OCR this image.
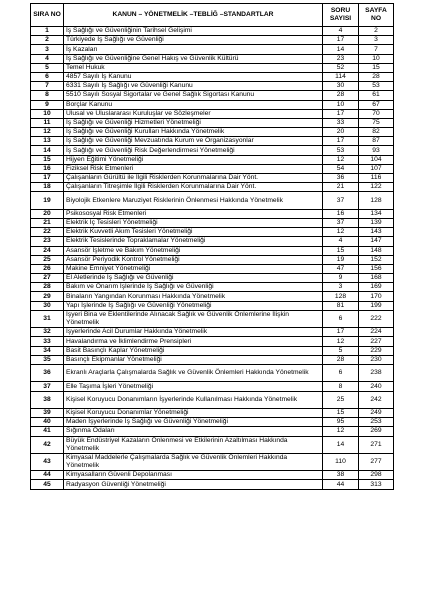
SIRA NO	KANUN – YÖNETMELİK –TEBLİĞ –STANDARTLAR	SORU SAYISI	SAYFA NO
1	İş Sağlığı ve Güvenliğinin Tarihsel Gelişimi	4	2
2	Türkiyede İş Sağlığı ve Güvenliği	17	3
3	İş Kazaları	14	7
4	İş Sağlığı ve Güvenliğine Genel Hakış ve Güvenlik Kültürü	23	10
5	Temel Hukuk	52	15
6	4857 Sayılı İş Kanunu	114	28
7	6331 Sayılı İş Sağlığı ve Güvenliği Kanunu	30	53
8	5510 Sayılı Sosyal Sigortalar ve Genel Sağlık Sigortası Kanunu	28	61
9	Borçlar Kanunu	10	67
10	Ulusal ve Uluslararası Kuruluşlar ve Sözleşmeler	17	70
11	İş Sağlığı ve Güvenliği Hizmetleri Yönetmeliği	33	75
12	İş Sağlığı ve Güvenliği Kurulları Hakkında Yönetmelik	20	82
13	İş Sağlığı ve Güvenliği Mevzuatında Kurum ve Organizasyonlar	17	87
14	İş Sağlığı ve Güvenliği Risk Değerlendirmesi Yönetmeliği	53	93
15	Hijyen Eğitimi Yönetmeliği	12	104
16	Fiziksel Risk Etmenleri	54	107
17	Çalışanların Gürültü ile İlgili Risklerden Korunmalarına Dair Yönt.	36	116
18	Çalışanların Titreşimle İlgili Risklerden Korunmalarına Dair Yönt.	21	122
19	Biyolojik Etkenlere Maruziyet Risklerinin Önlenmesi Hakkında Yönetmelik	37	128
20	Psikososyal Risk Etmenleri	16	134
21	Elektrik İç Tesisleri Yönetmeliği	37	139
22	Elektrik Kuvvetli Akım Tesisleri Yönetmeliği	12	143
23	Elektrik Tesislerinde Topraklamalar Yönetmeliği	4	147
24	Asansör İşletme ve Bakım Yönetmeliği	15	148
25	Asansör Periyodik Kontrol Yönetmeliği	19	152
26	Makine Emniyet Yönetmeliği	47	156
27	El Aletlerinde İş Sağlığı ve Güvenliği	9	168
28	Bakım ve Onarım İşlerinde İş Sağlığı ve Güvenliği	3	169
29	Binaların Yangından Korunması Hakkında Yönetmelik	128	170
30	Yapı İşlerinde İş Sağlığı ve Güvenliği Yönetmeliği	81	199
31	İşyeri Bina ve Eklentilerinde Alınacak Sağlık ve Güvenlik Önlemlerine İlişkin Yönetmelik	6	222
32	İşyerlerinde Acil Durumlar Hakkında Yönetmelik	17	224
33	Havalandırma ve İklimlendirme Prensipleri	12	227
34	Basit Basınçlı Kaplar Yönetmeliği	5	229
35	Basınçlı Ekipmanlar Yönetmeliği	28	230
36	Ekranlı Araçlarla Çalışmalarda Sağlık ve Güvenlik Önlemleri Hakkında Yönetmelik	6	238
37	Elle Taşıma İşleri Yönetmeliği	8	240
38	Kişisel Koruyucu Donanımların İşyerlerinde Kullanılması Hakkında Yönetmelik	25	242
39	Kişisel Koruyucu Donanımlar Yönetmeliği	15	249
40	Maden İşyerlerinde İş Sağlığı ve Güvenliği Yönetmeliği	95	253
41	Sığınma Odaları	12	269
42	Büyük Endüstriyel Kazaların Önlenmesi ve Etkilerinin Azaltılması Hakkında Yönetmelik	14	271
43	Kimyasal Maddelerle Çalışmalarda Sağlık ve Güvenlik Önlemleri Hakkında Yönetmelik	110	277
44	Kimyasalların Güvenli Depolanması	38	298
45	Radyasyon Güvenliği Yönetmeliği	44	313
